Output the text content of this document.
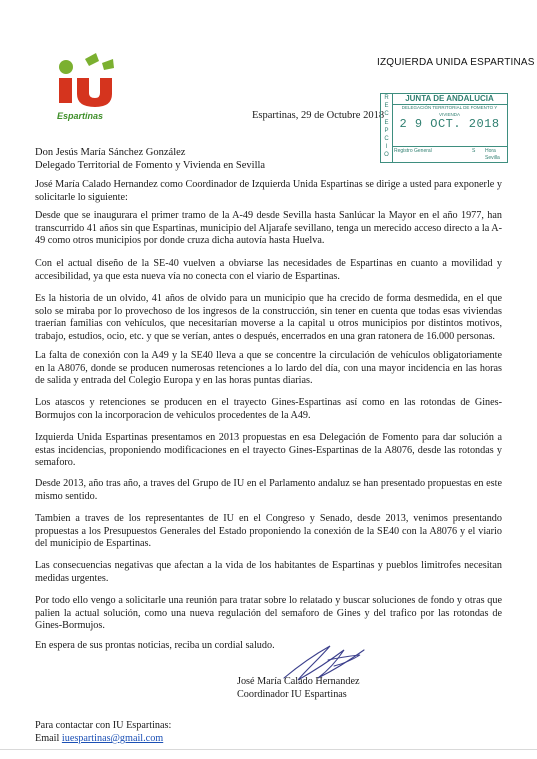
Espartinas
IZQUIERDA UNIDA ESPARTINAS
Espartinas, 29 de Octubre 2018
R
E
C
E
P
C
I
O
JUNTA DE ANDALUCIA
DELEGACIÓN TERRITORIAL DE FOMENTO Y VIVIENDA
2 9 OCT. 2018
Registro General	S Hora
Sevilla
Don Jesús María Sánchez González
Delegado Territorial de Fomento y Vivienda en Sevilla
José María Calado Hernandez como Coordinador de Izquierda Unida Espartinas se dirige a usted para exponerle y solicitarle lo siguiente:
Desde que se inaugurara el primer tramo de la A-49 desde Sevilla hasta Sanlúcar la Mayor en el año 1977, han transcurrido 41 años sin que Espartinas, municipio del Aljarafe sevillano, tenga un merecido acceso directo a la A-49 como otros municipios por donde cruza dicha autovía hasta Huelva.
Con el actual diseño de la SE-40 vuelven a obviarse las necesidades de Espartinas en cuanto a movilidad y accesibilidad, ya que esta nueva vía no conecta con el viario de Espartinas.
Es la historia de un olvido, 41 años de olvido para un municipio que ha crecido de forma desmedida, en el que solo se miraba por lo provechoso de los ingresos de la construcción, sin tener en cuenta que todas esas viviendas traerían familias con vehículos, que necesitarían moverse a la capital u otros municipios por distintos motivos, trabajo, estudios, ocio, etc. y que se verían, antes o después, encerrados en una gran ratonera de 16.000 personas.
La falta de conexión con la A49 y la SE40 lleva a que se concentre la circulación de vehículos obligatoriamente en la A8076, donde se producen numerosas retenciones a lo lardo del día, con una mayor incidencia en las horas de salida y entrada del Colegio Europa y en las horas puntas diarias.
Los atascos y retenciones se producen en el trayecto Gines-Espartinas así como en las rotondas de Gines-Bormujos con la incorporacion de vehiculos procedentes de la A49.
Izquierda Unida Espartinas presentamos en 2013 propuestas en esa Delegación de Fomento para dar solución a estas incidencias, proponiendo modificaciones en el trayecto Gines-Espartinas de la A8076, desde las rotondas y semaforo.
Desde 2013, año tras año, a traves del Grupo de IU en el Parlamento andaluz se han presentado propuestas en este mismo sentido.
Tambien a traves de los representantes de IU en el Congreso y Senado, desde 2013, venimos presentando propuestas a los Presupuestos Generales del Estado proponiendo la conexión de la SE40 con la A8076 y el viario del municipio de Espartinas.
Las consecuencias negativas que afectan a la vida de los habitantes de Espartinas y pueblos limitrofes necesitan medidas urgentes.
Por todo ello vengo a solicitarle una reunión para tratar sobre lo relatado y buscar soluciones de fondo y otras que palien la actual solución, como una nueva regulación del semaforo de Gines y del trafico por las rotondas de Gines-Bormujos.
En espera de sus prontas noticias, reciba un cordial saludo.
José María Calado Hernandez
Coordinador IU Espartinas
Para contactar con IU Espartinas:
Email iuespartinas@gmail.com
